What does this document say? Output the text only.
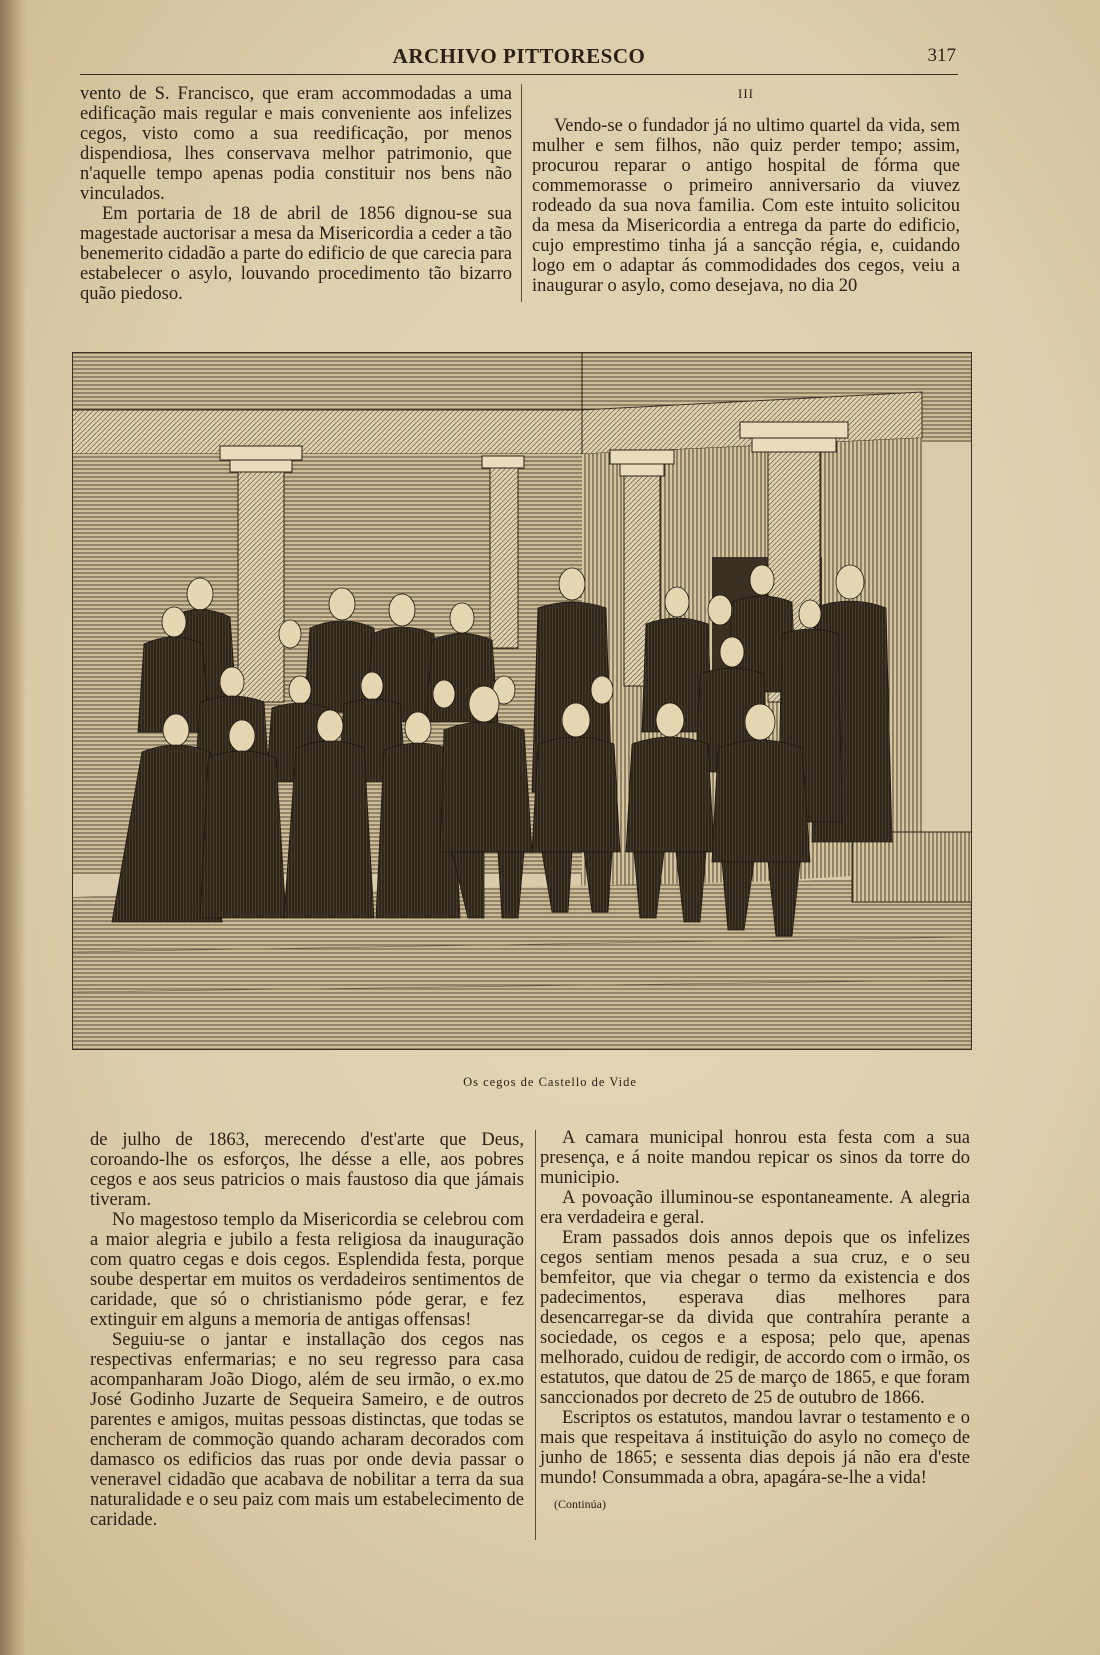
ARCHIVO PITTORESCO	317

vento de S. Francisco, que eram accommodadas a uma edificação mais regular e mais conveniente aos infelizes cegos, visto como a sua reedificação, por menos dispendiosa, lhes conservava melhor patrimonio, que n'aquelle tempo apenas podia constituir nos bens não vinculados.

Em portaria de 18 de abril de 1856 dignou-se sua magestade auctorisar a mesa da Misericordia a ceder a tão benemerito cidadão a parte do edificio de que carecia para estabelecer o asylo, louvando procedimento tão bizarro quão piedoso.

III

Vendo-se o fundador já no ultimo quartel da vida, sem mulher e sem filhos, não quiz perder tempo; assim, procurou reparar o antigo hospital de fórma que commemorasse o primeiro anniversario da viuvez rodeado da sua nova familia. Com este intuito solicitou da mesa da Misericordia a entrega da parte do edificio, cujo emprestimo tinha já a sancção régia, e, cuidando logo em o adaptar ás commodidades dos cegos, veiu a inaugurar o asylo, como desejava, no dia 20

Os cegos de Castello de Vide

de julho de 1863, merecendo d'est'arte que Deus, coroando-lhe os esforços, lhe désse a elle, aos pobres cegos e aos seus patricios o mais faustoso dia que jámais tiveram.

No magestoso templo da Misericordia se celebrou com a maior alegria e jubilo a festa religiosa da inauguração com quatro cegas e dois cegos. Esplendida festa, porque soube despertar em muitos os verdadeiros sentimentos de caridade, que só o christianismo póde gerar, e fez extinguir em alguns a memoria de antigas offensas!

Seguiu-se o jantar e installação dos cegos nas respectivas enfermarias; e no seu regresso para casa acompanharam João Diogo, além de seu irmão, o ex.mo José Godinho Juzarte de Sequeira Sameiro, e de outros parentes e amigos, muitas pessoas distinctas, que todas se encheram de commoção quando acharam decorados com damasco os edificios das ruas por onde devia passar o veneravel cidadão que acabava de nobilitar a terra da sua naturalidade e o seu paiz com mais um estabelecimento de caridade.

A camara municipal honrou esta festa com a sua presença, e á noite mandou repicar os sinos da torre do municipio.

A povoação illuminou-se espontaneamente. A alegria era verdadeira e geral.

Eram passados dois annos depois que os infelizes cegos sentiam menos pesada a sua cruz, e o seu bemfeitor, que via chegar o termo da existencia e dos padecimentos, esperava dias melhores para desencarregar-se da divida que contrahíra perante a sociedade, os cegos e a esposa; pelo que, apenas melhorado, cuidou de redigir, de accordo com o irmão, os estatutos, que datou de 25 de março de 1865, e que foram sanccionados por decreto de 25 de outubro de 1866.

Escriptos os estatutos, mandou lavrar o testamento e o mais que respeitava á instituição do asylo no começo de junho de 1865; e sessenta dias depois já não era d'este mundo! Consummada a obra, apagára-se-lhe a vida!

(Continúa)
